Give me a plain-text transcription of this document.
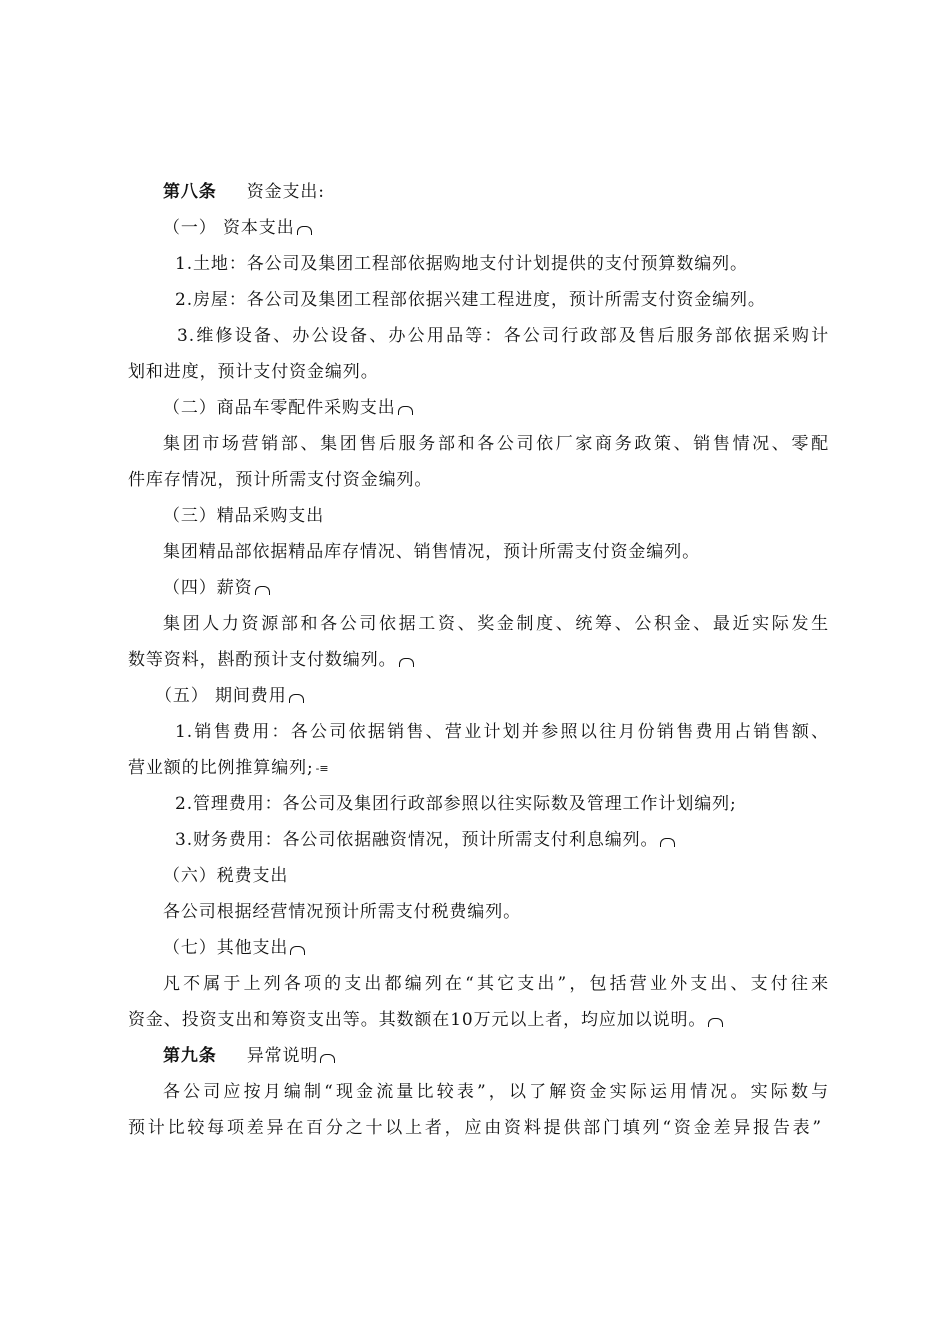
第八条 资金支出:
（一） 资本支出
1.土地：各公司及集团工程部依据购地支付计划提供的支付预算数编列。
2.房屋：各公司及集团工程部依据兴建工程进度，预计所需支付资金编列。
3.维修设备、办公设备、办公用品等：各公司行政部及售后服务部依据采购计
划和进度，预计支付资金编列。
（二）商品车零配件采购支出
集团市场营销部、集团售后服务部和各公司依厂家商务政策、销售情况、零配
件库存情况，预计所需支付资金编列。
（三）精品采购支出
集团精品部依据精品库存情况、销售情况，预计所需支付资金编列。
（四）薪资
集团人力资源部和各公司依据工资、奖金制度、统筹、公积金、最近实际发生
数等资料，斟酌预计支付数编列。
（五） 期间费用
1.销售费用：各公司依据销售、营业计划并参照以往月份销售费用占销售额、
营业额的比例推算编列; -≡
2.管理费用：各公司及集团行政部参照以往实际数及管理工作计划编列;
3.财务费用：各公司依据融资情况，预计所需支付利息编列。
（六）税费支出
各公司根据经营情况预计所需支付税费编列。
（七）其他支出
凡不属于上列各项的支出都编列在“其它支出”，包括营业外支出、支付往来
资金、投资支出和筹资支出等。其数额在10万元以上者，均应加以说明。
第九条 异常说明
各公司应按月编制“现金流量比较表”，以了解资金实际运用情况。实际数与
预计比较每项差异在百分之十以上者，应由资料提供部门填列“资金差异报告表”
